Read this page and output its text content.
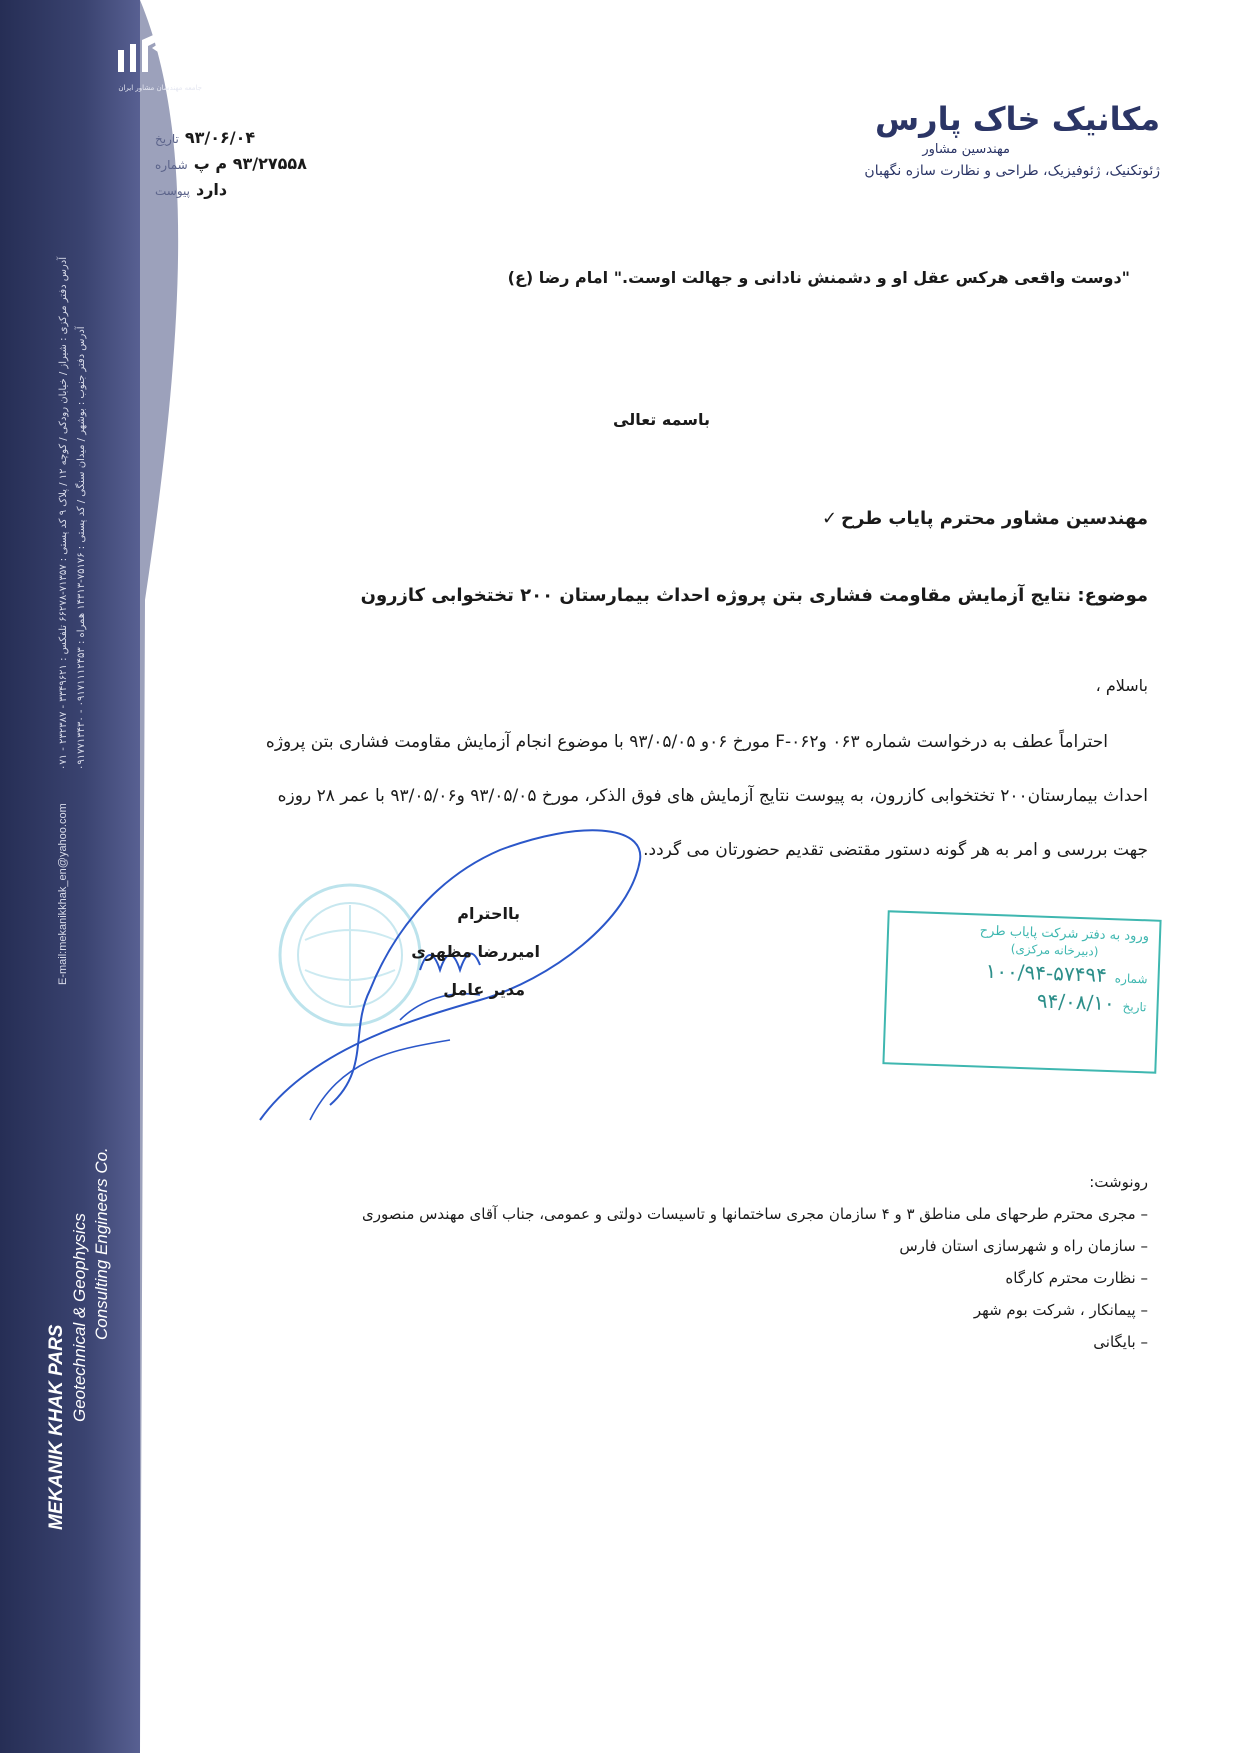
جامعه مهندسان مشاور ایران
FIDIC
MEKANIK KHAK PARS
Geotechnical & Geophysics Consulting Engineers Co.
E-mail:mekanikkhak_en@yahoo.com
آدرس دفتر مرکزی : شیراز / خیابان رودکی / کوچه ۱۲ / پلاک ۹ کد پستی : ۷۱۳۵۷-۶۶۲۷۸ تلفکس : ۳۳۴۹۶۲۱ - ۲۳۲۳۸۷ - ۰۷۱
آدرس دفتر جنوب : بوشهر / میدان سنگی / کد پستی : ۷۵۱۷۶-۱۴۳۱۳ همراه : ۰۹۱۷۱۱۱۲۴۵۳ - ۰۹۱۷۷۱۳۴۳۰
مکانیک خاک پارس
مهندسین مشاور
ژئوتکنیک، ژئوفیزیک، طراحی و نظارت سازه نگهبان
تاریخ ۹۳/۰۶/۰۴
شماره ۹۳/۲۷۵۵۸ م پ
پیوست دارد
"دوست واقعی هرکس عقل او و دشمنش نادانی و جهالت اوست." امام رضا (ع)
باسمه تعالی
مهندسین مشاور محترم پایاب طرح
✓
موضوع: نتایج آزمایش مقاومت فشاری بتن پروژه احداث بیمارستان ۲۰۰ تختخوابی کازرون
باسلام ،
احتراماً عطف به درخواست شماره ۰۶۳ و۰۶۲-F مورخ ۰۶و ۹۳/۰۵/۰۵ با موضوع انجام آزمایش مقاومت فشاری بتن پروژه
احداث بیمارستان۲۰۰ تختخوابی کازرون، به پیوست نتایج آزمایش های فوق الذکر، مورخ ۹۳/۰۵/۰۵ و۹۳/۰۵/۰۶ با عمر ۲۸ روزه
جهت بررسی و امر به هر گونه دستور مقتضی تقدیم حضورتان می گردد.
بااحترام
امیررضا مظهری
مدیر عامل
ورود به دفتر شرکت پایاب طرح
(دبیرخانه مرکزی)
شماره
۱۰۰/۹۴-۵۷۴۹۴
تاریخ
۹۴/۰۸/۱۰
رونوشت:
– مجری محترم طرحهای ملی مناطق ۳ و ۴ سازمان مجری ساختمانها و تاسیسات دولتی و عمومی، جناب آقای مهندس منصوری
– سازمان راه و شهرسازی استان فارس
– نظارت محترم کارگاه
– پیمانکار ، شرکت بوم شهر
– بایگانی
